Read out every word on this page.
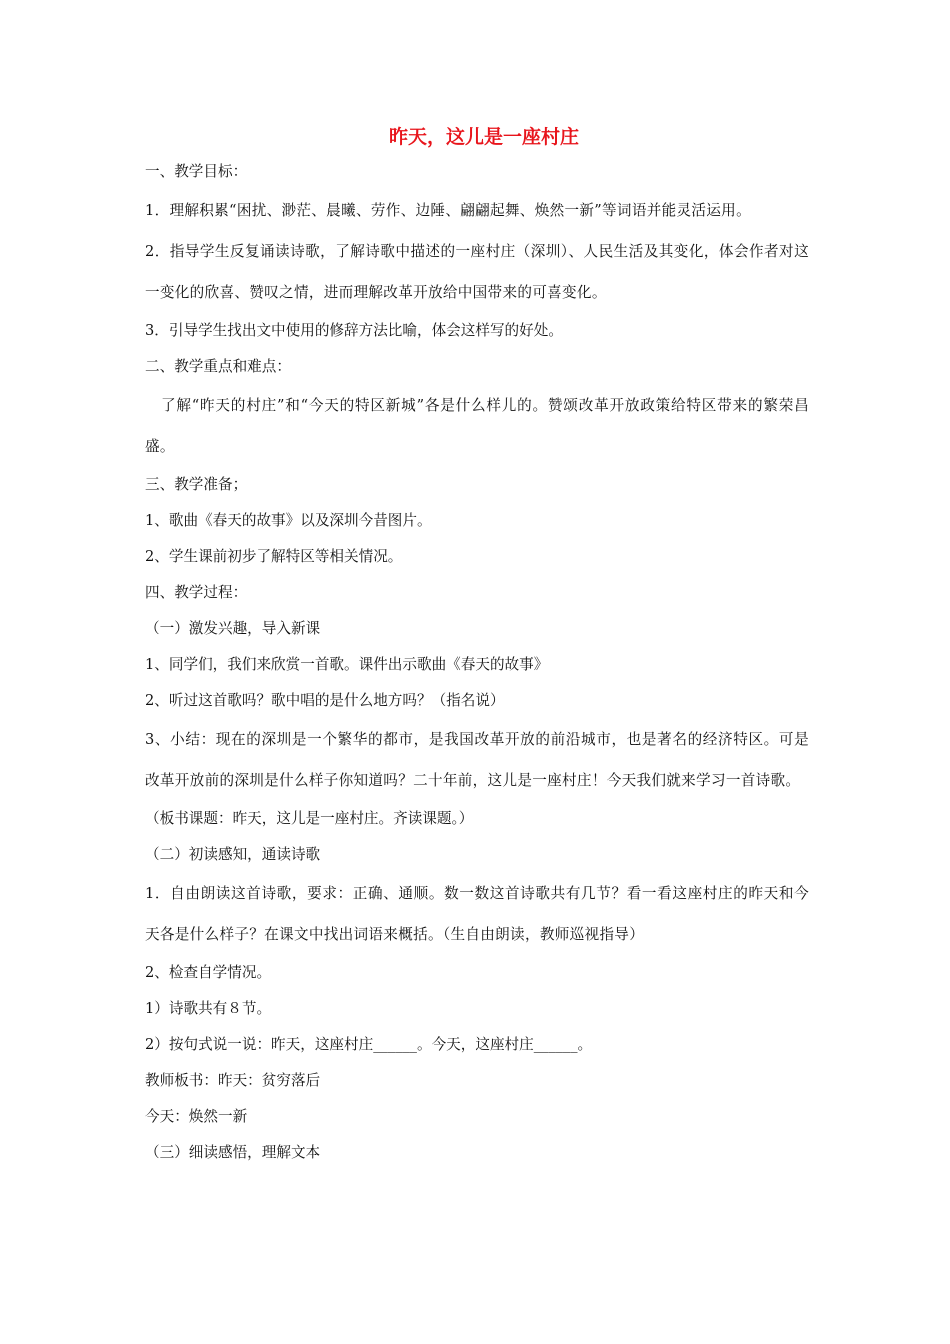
昨天，这儿是一座村庄
一、教学目标：

1．理解积累“困扰、渺茫、晨曦、劳作、边陲、翩翩起舞、焕然一新”等词语并能灵活运用。

2．指导学生反复诵读诗歌，了解诗歌中描述的一座村庄（深圳）、人民生活及其变化，体会作者对这一变化的欣喜、赞叹之情，进而理解改革开放给中国带来的可喜变化。

3．引导学生找出文中使用的修辞方法比喻，体会这样写的好处。
二、教学重点和难点：

了解“昨天的村庄”和“今天的特区新城”各是什么样儿的。赞颂改革开放政策给特区带来的繁荣昌盛。

三、教学准备；
1、歌曲《春天的故事》以及深圳今昔图片。
2、学生课前初步了解特区等相关情况。
四、教学过程：
（一）激发兴趣，导入新课
1、同学们，我们来欣赏一首歌。课件出示歌曲《春天的故事》
2、听过这首歌吗？歌中唱的是什么地方吗？（指名说）

3、小结：现在的深圳是一个繁华的都市，是我国改革开放的前沿城市，也是著名的经济特区。可是改革开放前的深圳是什么样子你知道吗？二十年前，这儿是一座村庄！今天我们就来学习一首诗歌。

（板书课题：昨天，这儿是一座村庄。齐读课题。）
（二）初读感知，通读诗歌

1．自由朗读这首诗歌，要求：正确、通顺。数一数这首诗歌共有几节？看一看这座村庄的昨天和今天各是什么样子？在课文中找出词语来概括。（生自由朗读，教师巡视指导）

2、检查自学情况。
1）诗歌共有８节。
2）按句式说一说：昨天，这座村庄______。今天，这座村庄______。
教师板书：昨天：贫穷落后
今天：焕然一新
（三）细读感悟，理解文本
